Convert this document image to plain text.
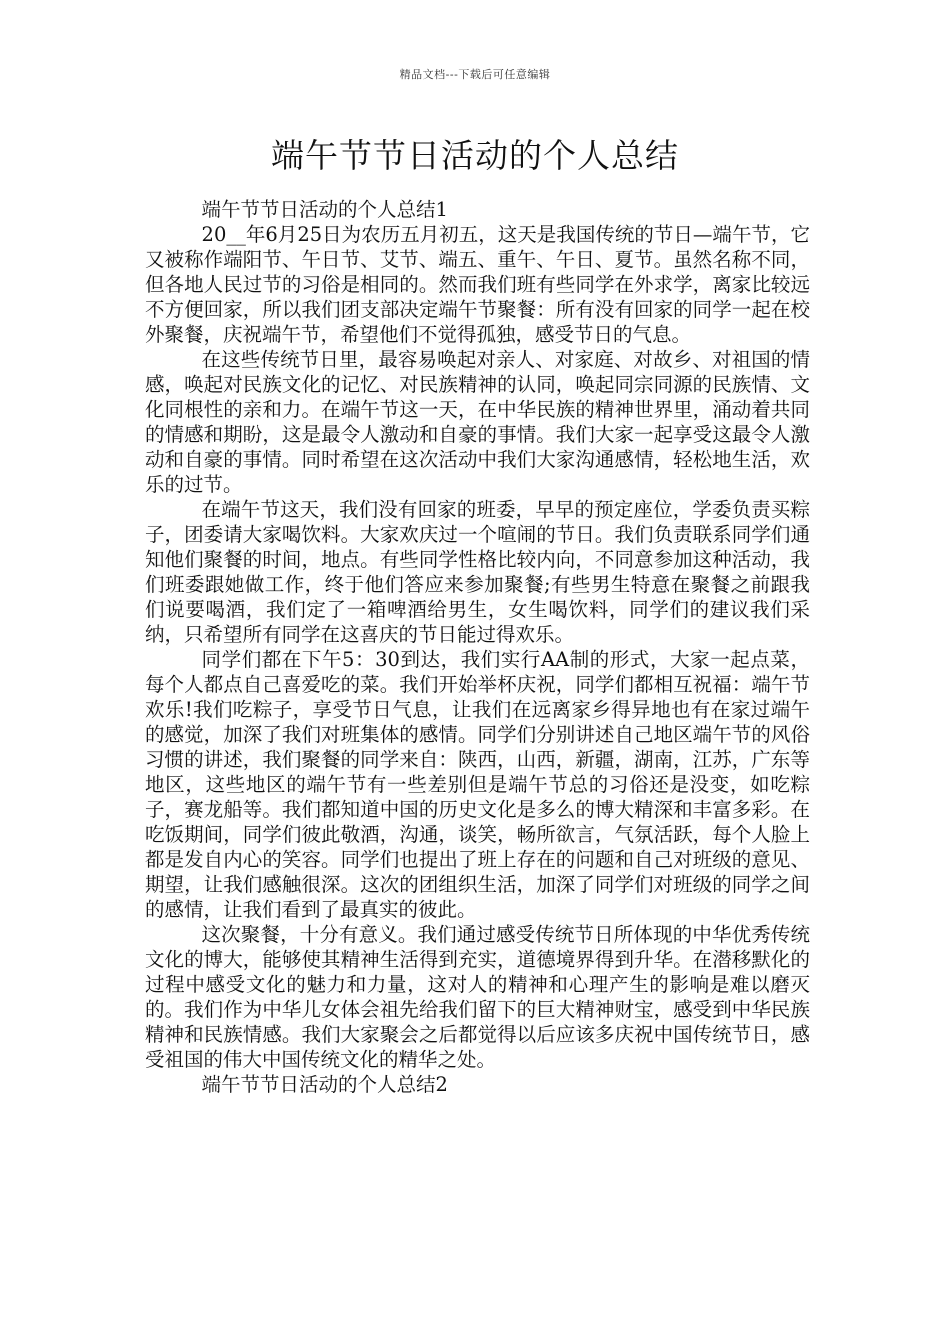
精品文档---下载后可任意编辑
端午节节日活动的个人总结

端午节节日活动的个人总结1

20__年6月25日为农历五月初五，这天是我国传统的节日—端午节，它又被称作端阳节、午日节、艾节、端五、重午、午日、夏节。虽然名称不同，但各地人民过节的习俗是相同的。然而我们班有些同学在外求学，离家比较远不方便回家，所以我们团支部决定端午节聚餐：所有没有回家的同学一起在校外聚餐，庆祝端午节，希望他们不觉得孤独，感受节日的气息。

在这些传统节日里，最容易唤起对亲人、对家庭、对故乡、对祖国的情感，唤起对民族文化的记忆、对民族精神的认同，唤起同宗同源的民族情、文化同根性的亲和力。在端午节这一天，在中华民族的精神世界里，涌动着共同的情感和期盼，这是最令人激动和自豪的事情。我们大家一起享受这最令人激动和自豪的事情。同时希望在这次活动中我们大家沟通感情，轻松地生活，欢乐的过节。

在端午节这天，我们没有回家的班委，早早的预定座位，学委负责买粽子，团委请大家喝饮料。大家欢庆过一个喧闹的节日。我们负责联系同学们通知他们聚餐的时间，地点。有些同学性格比较内向，不同意参加这种活动，我们班委跟她做工作，终于他们答应来参加聚餐;有些男生特意在聚餐之前跟我们说要喝酒，我们定了一箱啤酒给男生，女生喝饮料，同学们的建议我们采纳，只希望所有同学在这喜庆的节日能过得欢乐。

同学们都在下午5：30到达，我们实行AA制的形式，大家一起点菜，每个人都点自己喜爱吃的菜。我们开始举杯庆祝，同学们都相互祝福：端午节欢乐!我们吃粽子，享受节日气息，让我们在远离家乡得异地也有在家过端午的感觉，加深了我们对班集体的感情。同学们分别讲述自己地区端午节的风俗习惯的讲述，我们聚餐的同学来自：陕西，山西，新疆，湖南，江苏，广东等地区，这些地区的端午节有一些差别但是端午节总的习俗还是没变，如吃粽子，赛龙船等。我们都知道中国的历史文化是多么的博大精深和丰富多彩。在吃饭期间，同学们彼此敬酒，沟通，谈笑，畅所欲言，气氛活跃，每个人脸上都是发自内心的笑容。同学们也提出了班上存在的问题和自己对班级的意见、期望，让我们感触很深。这次的团组织生活，加深了同学们对班级的同学之间的感情，让我们看到了最真实的彼此。

这次聚餐，十分有意义。我们通过感受传统节日所体现的中华优秀传统文化的博大，能够使其精神生活得到充实，道德境界得到升华。在潜移默化的过程中感受文化的魅力和力量，这对人的精神和心理产生的影响是难以磨灭的。我们作为中华儿女体会祖先给我们留下的巨大精神财宝，感受到中华民族精神和民族情感。我们大家聚会之后都觉得以后应该多庆祝中国传统节日，感受祖国的伟大中国传统文化的精华之处。

端午节节日活动的个人总结2
